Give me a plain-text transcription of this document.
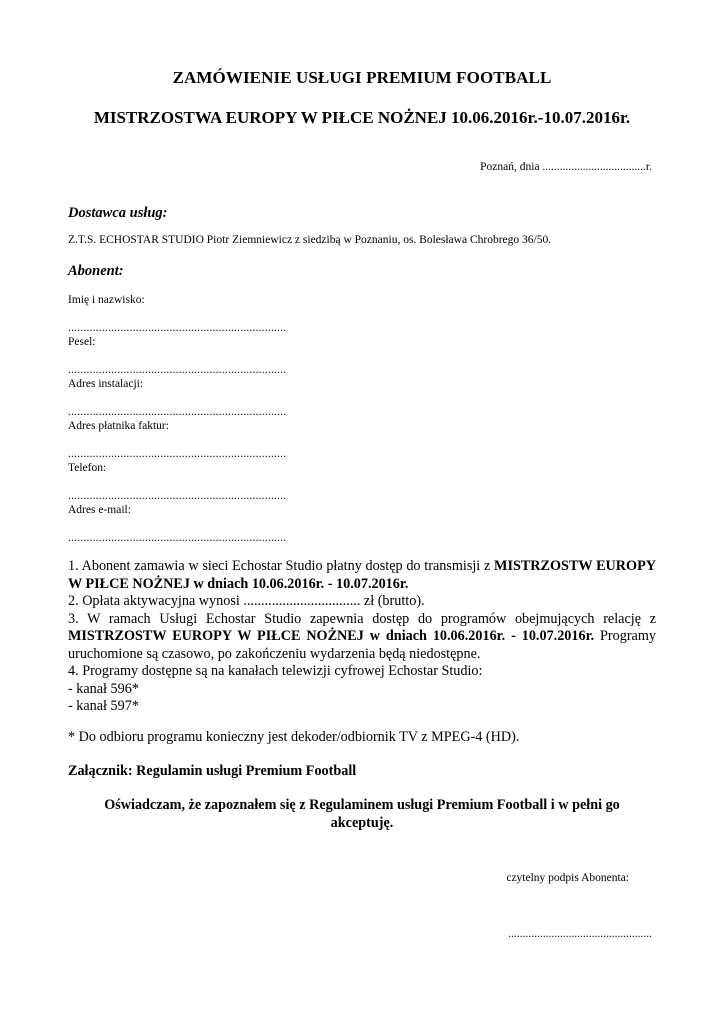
ZAMÓWIENIE USŁUGI PREMIUM FOOTBALL
MISTRZOSTWA EUROPY W PIŁCE NOŻNEJ 10.06.2016r.-10.07.2016r.
Poznań, dnia ....................................r.
Dostawca usług:
Z.T.S. ECHOSTAR STUDIO Piotr Ziemniewicz z siedzibą w Poznaniu, os. Bolesława Chrobrego 36/50.
Abonent:
Imię i nazwisko:
.......................................................................
Pesel:
.......................................................................
Adres instalacji:
.......................................................................
Adres płatnika faktur:
.......................................................................
Telefon:
.......................................................................
Adres e-mail:
.......................................................................

1. Abonent zamawia w sieci Echostar Studio płatny dostęp do transmisji z MISTRZOSTW EUROPY W PIŁCE NOŻNEJ w dniach 10.06.2016r. - 10.07.2016r.

2. Opłata aktywacyjna wynosi ................................. zł (brutto).

3. W ramach Usługi Echostar Studio zapewnia dostęp do programów obejmujących relację z MISTRZOSTW EUROPY W PIŁCE NOŻNEJ w dniach 10.06.2016r. - 10.07.2016r. Programy uruchomione są czasowo, po zakończeniu wydarzenia będą niedostępne.

4. Programy dostępne są na kanałach telewizji cyfrowej Echostar Studio:

- kanał 596*

- kanał 597*

* Do odbioru programu konieczny jest dekoder/odbiornik TV z MPEG-4 (HD).
Załącznik: Regulamin usługi Premium Football
Oświadczam, że zapoznałem się z Regulaminem usługi Premium Football i w pełni go akceptuję.
czytelny podpis Abonenta:
..................................................
